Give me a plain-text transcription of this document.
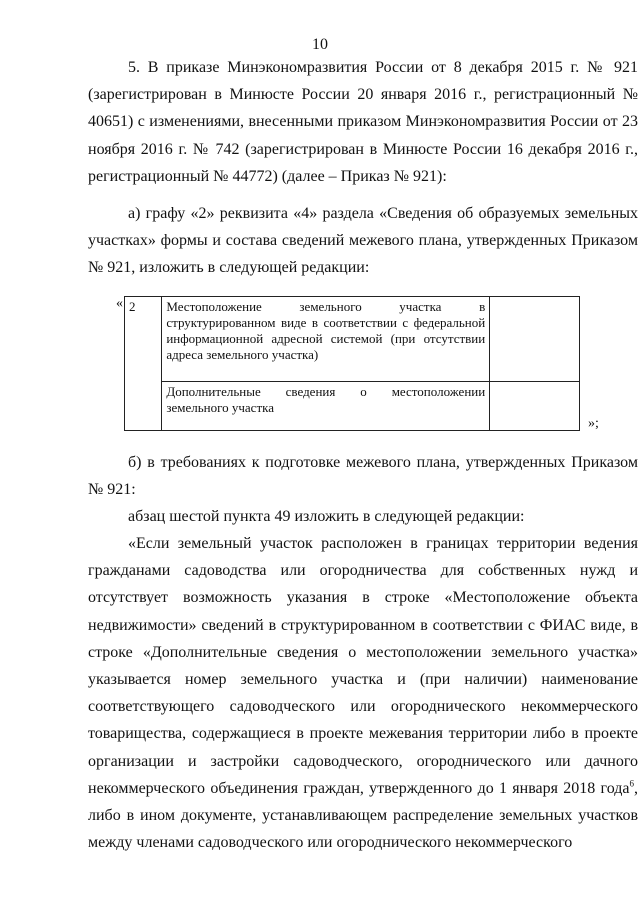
10

5. В приказе Минэкономразвития России от 8 декабря 2015 г. № 921 (зарегистрирован в Минюсте России 20 января 2016 г., регистрационный № 40651) с изменениями, внесенными приказом Минэкономразвития России от 23 ноября 2016 г. № 742 (зарегистрирован в Минюсте России 16 декабря 2016 г., регистрационный № 44772) (далее – Приказ № 921):

а) графу «2» реквизита «4» раздела «Сведения об образуемых земельных участках» формы и состава сведений межевого плана, утвержденных Приказом № 921, изложить в следующей редакции:

« 2	Местоположение земельного участка в структурированном виде в соответствии с федеральной информационной адресной системой (при отсутствии адреса земельного участка)	
	Дополнительные сведения о местоположении земельного участка	
»;

б) в требованиях к подготовке межевого плана, утвержденных Приказом № 921:

абзац шестой пункта 49 изложить в следующей редакции:

«Если земельный участок расположен в границах территории ведения гражданами садоводства или огородничества для собственных нужд и отсутствует возможность указания в строке «Местоположение объекта недвижимости» сведений в структурированном в соответствии с ФИАС виде, в строке «Дополнительные сведения о местоположении земельного участка» указывается номер земельного участка и (при наличии) наименование соответствующего садоводческого или огороднического некоммерческого товарищества, содержащиеся в проекте межевания территории либо в проекте организации и застройки садоводческого, огороднического или дачного некоммерческого объединения граждан, утвержденного до 1 января 2018 года$^6$, либо в ином документе, устанавливающем распределение земельных участков между членами садоводческого или огороднического некоммерческого
